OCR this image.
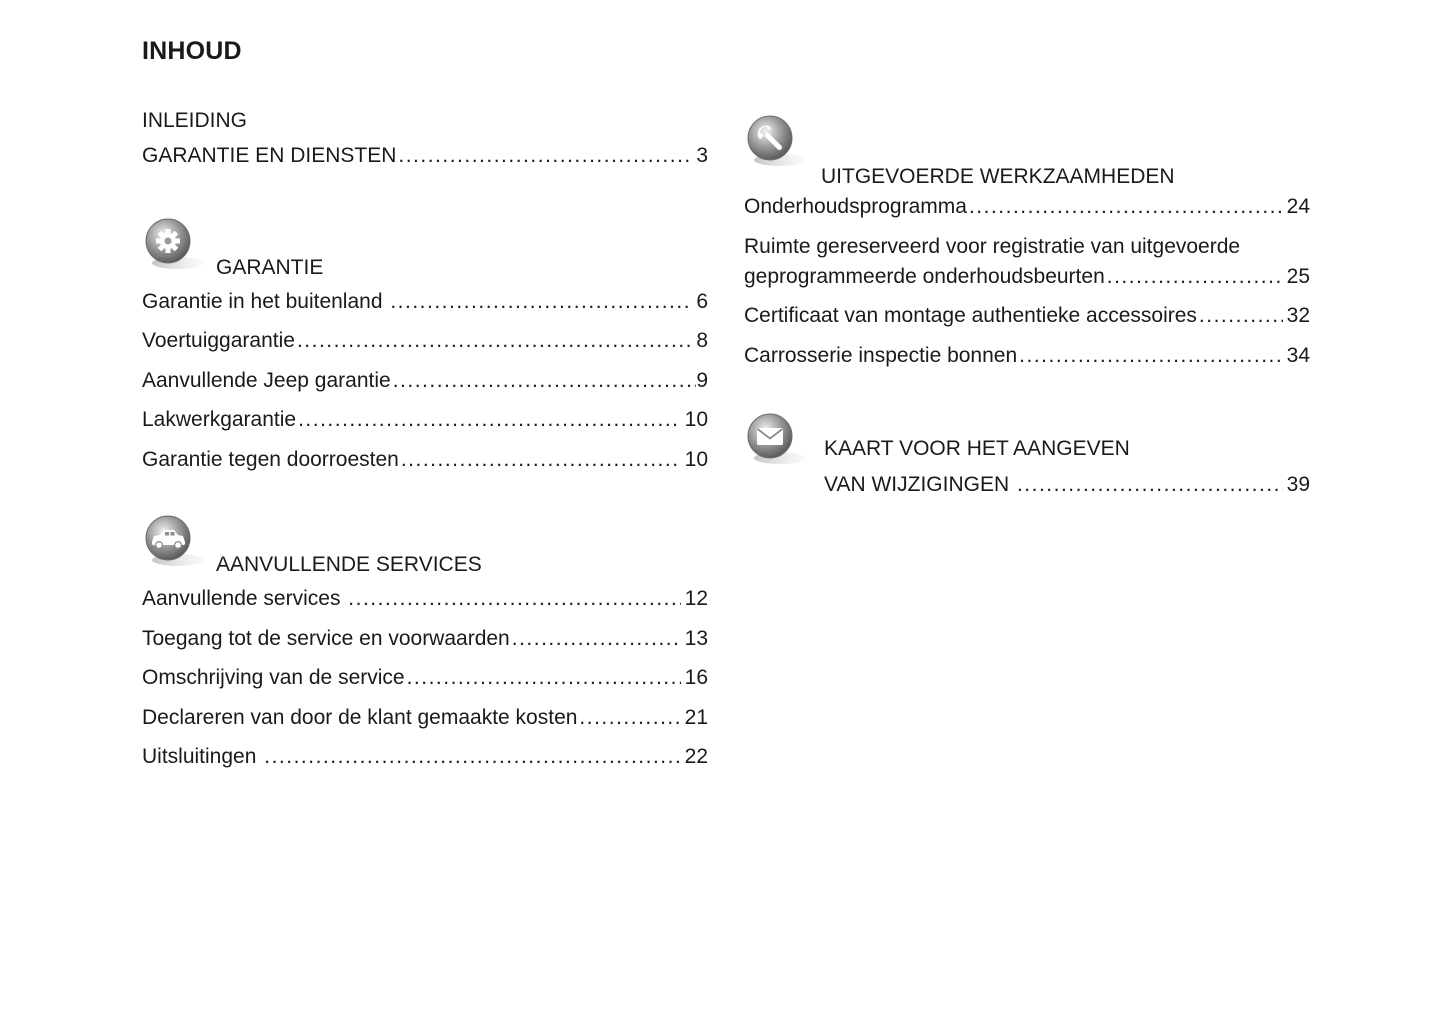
INHOUD
INLEIDING
GARANTIE EN DIENSTEN .....	3
GARANTIE
Garantie in het buitenland .....	6
Voertuiggarantie .....	8
Aanvullende Jeep garantie .....	9
Lakwerkgarantie .....	10
Garantie tegen doorroesten .....	10
AANVULLENDE SERVICES
Aanvullende services .....	12
Toegang tot de service en voorwaarden .....	13
Omschrijving van de service .....	16
Declareren van door de klant gemaakte kosten .....	21
Uitsluitingen .....	22
UITGEVOERDE WERKZAAMHEDEN
Onderhoudsprogramma .....	24
Ruimte gereserveerd voor registratie van uitgevoerde
geprogrammeerde onderhoudsbeurten .....	25
Certificaat van montage authentieke accessoires .....	32
Carrosserie inspectie bonnen .....	34
KAART VOOR HET AANGEVEN
VAN WIJZIGINGEN .....	39
